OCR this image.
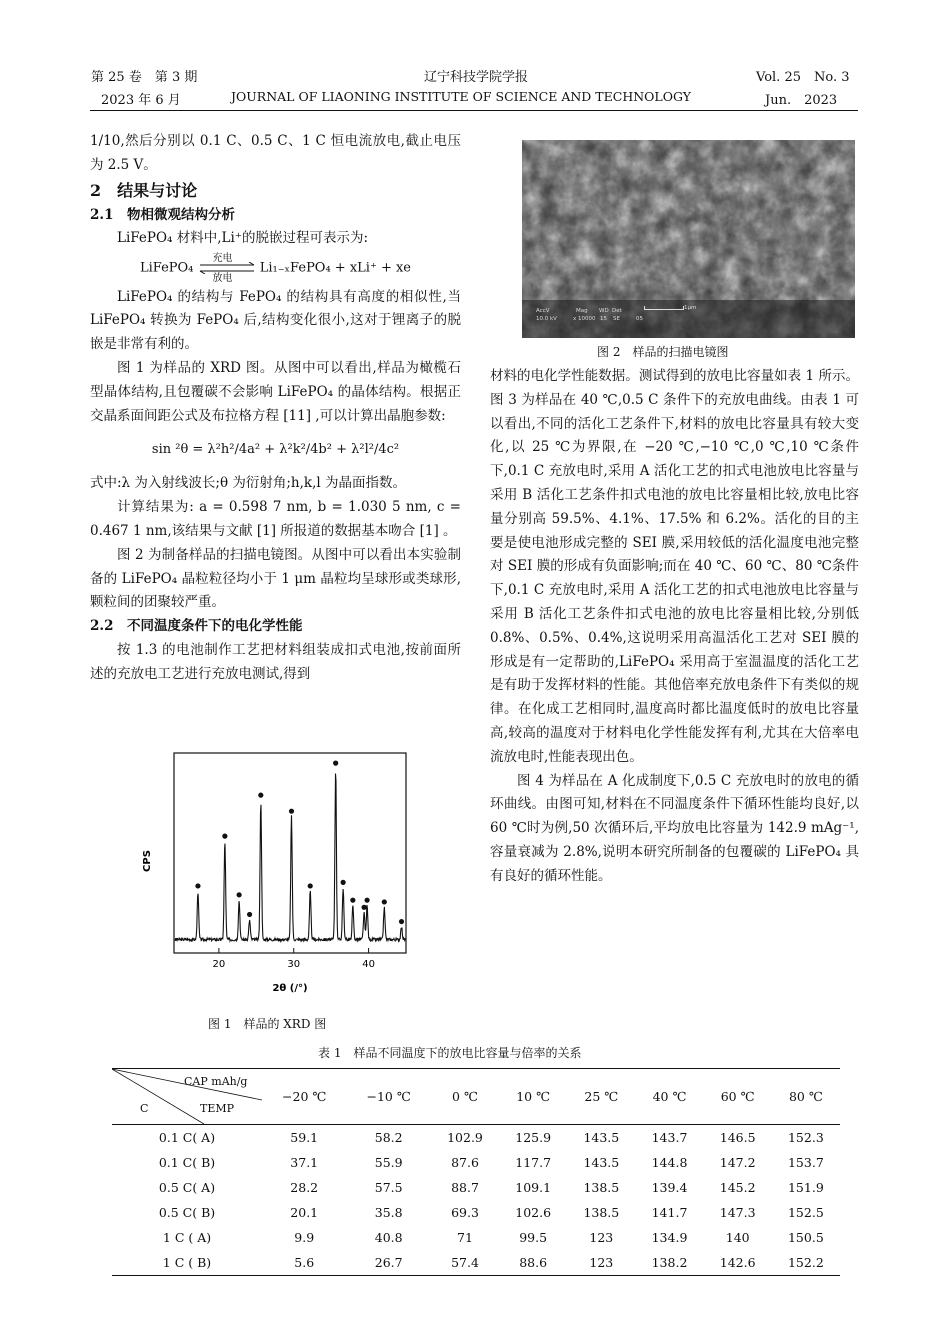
第 25 卷　第 3 期	辽宁科技学院学报	Vol. 25　No. 3
2023 年 6 月	JOURNAL OF LIAONING INSTITUTE OF SCIENCE AND TECHNOLOGY	Jun.　2023

1/10,然后分别以 0.1 C、0.5 C、1 C 恒电流放电,截止电压为 2.5 V。

2　结果与讨论
2.1　物相微观结构分析

LiFePO₄ 材料中,Li⁺的脱嵌过程可表示为:

LiFePO₄
充电
放电
Li₁₋ₓFePO₄ + xLi⁺ + xe

LiFePO₄ 的结构与 FePO₄ 的结构具有高度的相似性,当 LiFePO₄ 转换为 FePO₄ 后,结构变化很小,这对于锂离子的脱嵌是非常有利的。

图 1 为样品的 XRD 图。从图中可以看出,样品为橄榄石型晶体结构,且包覆碳不会影响 LiFePO₄ 的晶体结构。根据正交晶系面间距公式及布拉格方程 [11] ,可以计算出晶胞参数:

sin ²θ = λ²h²/4a² + λ²k²/4b² + λ²l²/4c²

式中:λ 为入射线波长;θ 为衍射角;h,k,l 为晶面指数。

计算结果为: a = 0.598 7 nm, b = 1.030 5 nm, c = 0.467 1 nm,该结果与文献 [1] 所报道的数据基本吻合 [1] 。

图 2 为制备样品的扫描电镜图。从图中可以看出本实验制备的 LiFePO₄ 晶粒粒径均小于 1 μm 晶粒均呈球形或类球形,颗粒间的团聚较严重。

2.2　不同温度条件下的电化学性能

按 1.3 的电池制作工艺把材料组装成扣式电池,按前面所述的充放电工艺进行充放电测试,得到

AccV	Mag WD Det	1μm
10.0 kV	x 10000 15 SE	05
图 2　样品的扫描电镜图

材料的电化学性能数据。测试得到的放电比容量如表 1 所示。图 3 为样品在 40 ℃,0.5 C 条件下的充放电曲线。由表 1 可以看出,不同的活化工艺条件下,材料的放电比容量具有较大变化,以 25 ℃为界限,在 −20 ℃,−10 ℃,0 ℃,10 ℃条件下,0.1 C 充放电时,采用 A 活化工艺的扣式电池放电比容量与采用 B 活化工艺条件扣式电池的放电比容量相比较,放电比容量分别高 59.5%、4.1%、17.5% 和 6.2%。活化的目的主要是使电池形成完整的 SEI 膜,采用较低的活化温度电池完整对 SEI 膜的形成有负面影响;而在 40 ℃、60 ℃、80 ℃条件下,0.1 C 充放电时,采用 A 活化工艺的扣式电池放电比容量与采用 B 活化工艺条件扣式电池的放电比容量相比较,分别低 0.8%、0.5%、0.4%,这说明采用高温活化工艺对 SEI 膜的形成是有一定帮助的,LiFePO₄ 采用高于室温温度的活化工艺是有助于发挥材料的性能。其他倍率充放电条件下有类似的规律。在化成工艺相同时,温度高时都比温度低时的放电比容量高,较高的温度对于材料电化学性能发挥有利,尤其在大倍率电流放电时,性能表现出色。

图 4 为样品在 A 化成制度下,0.5 C 充放电时的放电的循环曲线。由图可知,材料在不同温度条件下循环性能均良好,以 60 ℃时为例,50 次循环后,平均放电比容量为 142.9 mAg⁻¹,容量衰减为 2.8%,说明本研究所制备的包覆碳的 LiFePO₄ 具有良好的循环性能。

20	30	40
CPS
2θ (/°)
图 1　样品的 XRD 图
表 1　样品不同温度下的放电比容量与倍率的关系
CAP mAh/g
TEMP
C	−20 ℃	−10 ℃	0 ℃	10 ℃	25 ℃	40 ℃	60 ℃	80 ℃
0.1 C( A)	59.1	58.2	102.9	125.9	143.5	143.7	146.5	152.3
0.1 C( B)	37.1	55.9	87.6	117.7	143.5	144.8	147.2	153.7
0.5 C( A)	28.2	57.5	88.7	109.1	138.5	139.4	145.2	151.9
0.5 C( B)	20.1	35.8	69.3	102.6	138.5	141.7	147.3	152.5
1 C ( A)	9.9	40.8	71	99.5	123	134.9	140	150.5
1 C ( B)	5.6	26.7	57.4	88.6	123	138.2	142.6	152.2
